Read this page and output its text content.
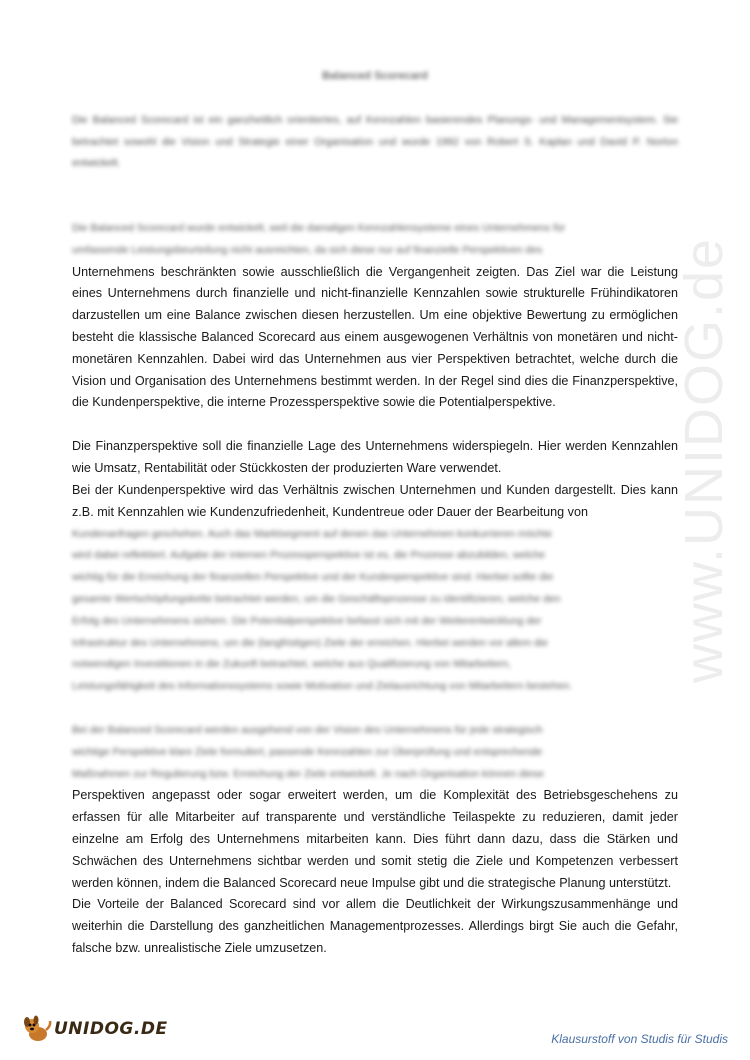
www.UNIDOG.de
Balanced Scorecard

Die Balanced Scorecard ist ein ganzheitlich orientiertes, auf Kennzahlen basierendes Planungs- und Managementsystem. Sie betrachtet sowohl die Vision und Strategie einer Organisation und wurde 1992 von Robert S. Kaplan und David P. Norton entwickelt.

Die Balanced Scorecard wurde entwickelt, weil die damaligen Kennzahlensysteme eines Unternehmens für
umfassende Leistungsbeurteilung nicht ausreichten, da sich diese nur auf finanzielle Perspektiven des
Unternehmens beschränkten sowie ausschließlich die Vergangenheit zeigten. Das Ziel war die Leistung eines Unternehmens durch finanzielle und nicht-finanzielle Kennzahlen sowie strukturelle Frühindikatoren darzustellen um eine Balance zwischen diesen herzustellen. Um eine objektive Bewertung zu ermöglichen besteht die klassische Balanced Scorecard aus einem ausgewogenen Verhältnis von monetären und nicht-monetären Kennzahlen. Dabei wird das Unternehmen aus vier Perspektiven betrachtet, welche durch die Vision und Organisation des Unternehmens bestimmt werden. In der Regel sind dies die Finanzperspektive, die Kundenperspektive, die interne Prozessperspektive sowie die Potentialperspektive.

Die Finanzperspektive soll die finanzielle Lage des Unternehmens widerspiegeln. Hier werden Kennzahlen wie Umsatz, Rentabilität oder Stückkosten der produzierten Ware verwendet.

Bei der Kundenperspektive wird das Verhältnis zwischen Unternehmen und Kunden dargestellt. Dies kann z.B. mit Kennzahlen wie Kundenzufriedenheit, Kundentreue oder Dauer der Bearbeitung von
Kundenanfragen geschehen. Auch das Marktsegment auf denen das Unternehmen konkurrieren möchte
wird dabei reflektiert. Aufgabe der internen Prozessperspektive ist es, die Prozesse abzubilden, welche
wichtig für die Erreichung der finanziellen Perspektive und der Kundenperspektive sind. Hierbei sollte die
gesamte Wertschöpfungskette betrachtet werden, um die Geschäftsprozesse zu identifizieren, welche den
Erfolg des Unternehmens sichern. Die Potentialperspektive befasst sich mit der Weiterentwicklung der
Infrastruktur des Unternehmens, um die (langfristigen) Ziele der erreichen. Hierbei werden vor allem die
notwendigen Investitionen in die Zukunft betrachtet, welche aus Qualifizierung von Mitarbeitern,
Leistungsfähigkeit des Informationssystems sowie Motivation und Zielausrichtung von Mitarbeitern bestehen.
Bei der Balanced Scorecard werden ausgehend von der Vision des Unternehmens für jede strategisch
wichtige Perspektive klare Ziele formuliert, passende Kennzahlen zur Überprüfung und entsprechende
Maßnahmen zur Regulierung bzw. Erreichung der Ziele entwickelt. Je nach Organisation können diese
Perspektiven angepasst oder sogar erweitert werden, um die Komplexität des Betriebsgeschehens zu erfassen für alle Mitarbeiter auf transparente und verständliche Teilaspekte zu reduzieren, damit jeder einzelne am Erfolg des Unternehmens mitarbeiten kann. Dies führt dann dazu, dass die Stärken und Schwächen des Unternehmens sichtbar werden und somit stetig die Ziele und Kompetenzen verbessert werden können, indem die Balanced Scorecard neue Impulse gibt und die strategische Planung unterstützt.

Die Vorteile der Balanced Scorecard sind vor allem die Deutlichkeit der Wirkungszusammenhänge und weiterhin die Darstellung des ganzheitlichen Managementprozesses. Allerdings birgt Sie auch die Gefahr, falsche bzw. unrealistische Ziele umzusetzen.

UNIDOG.DE	Klausurstoff von Studis für Studis
